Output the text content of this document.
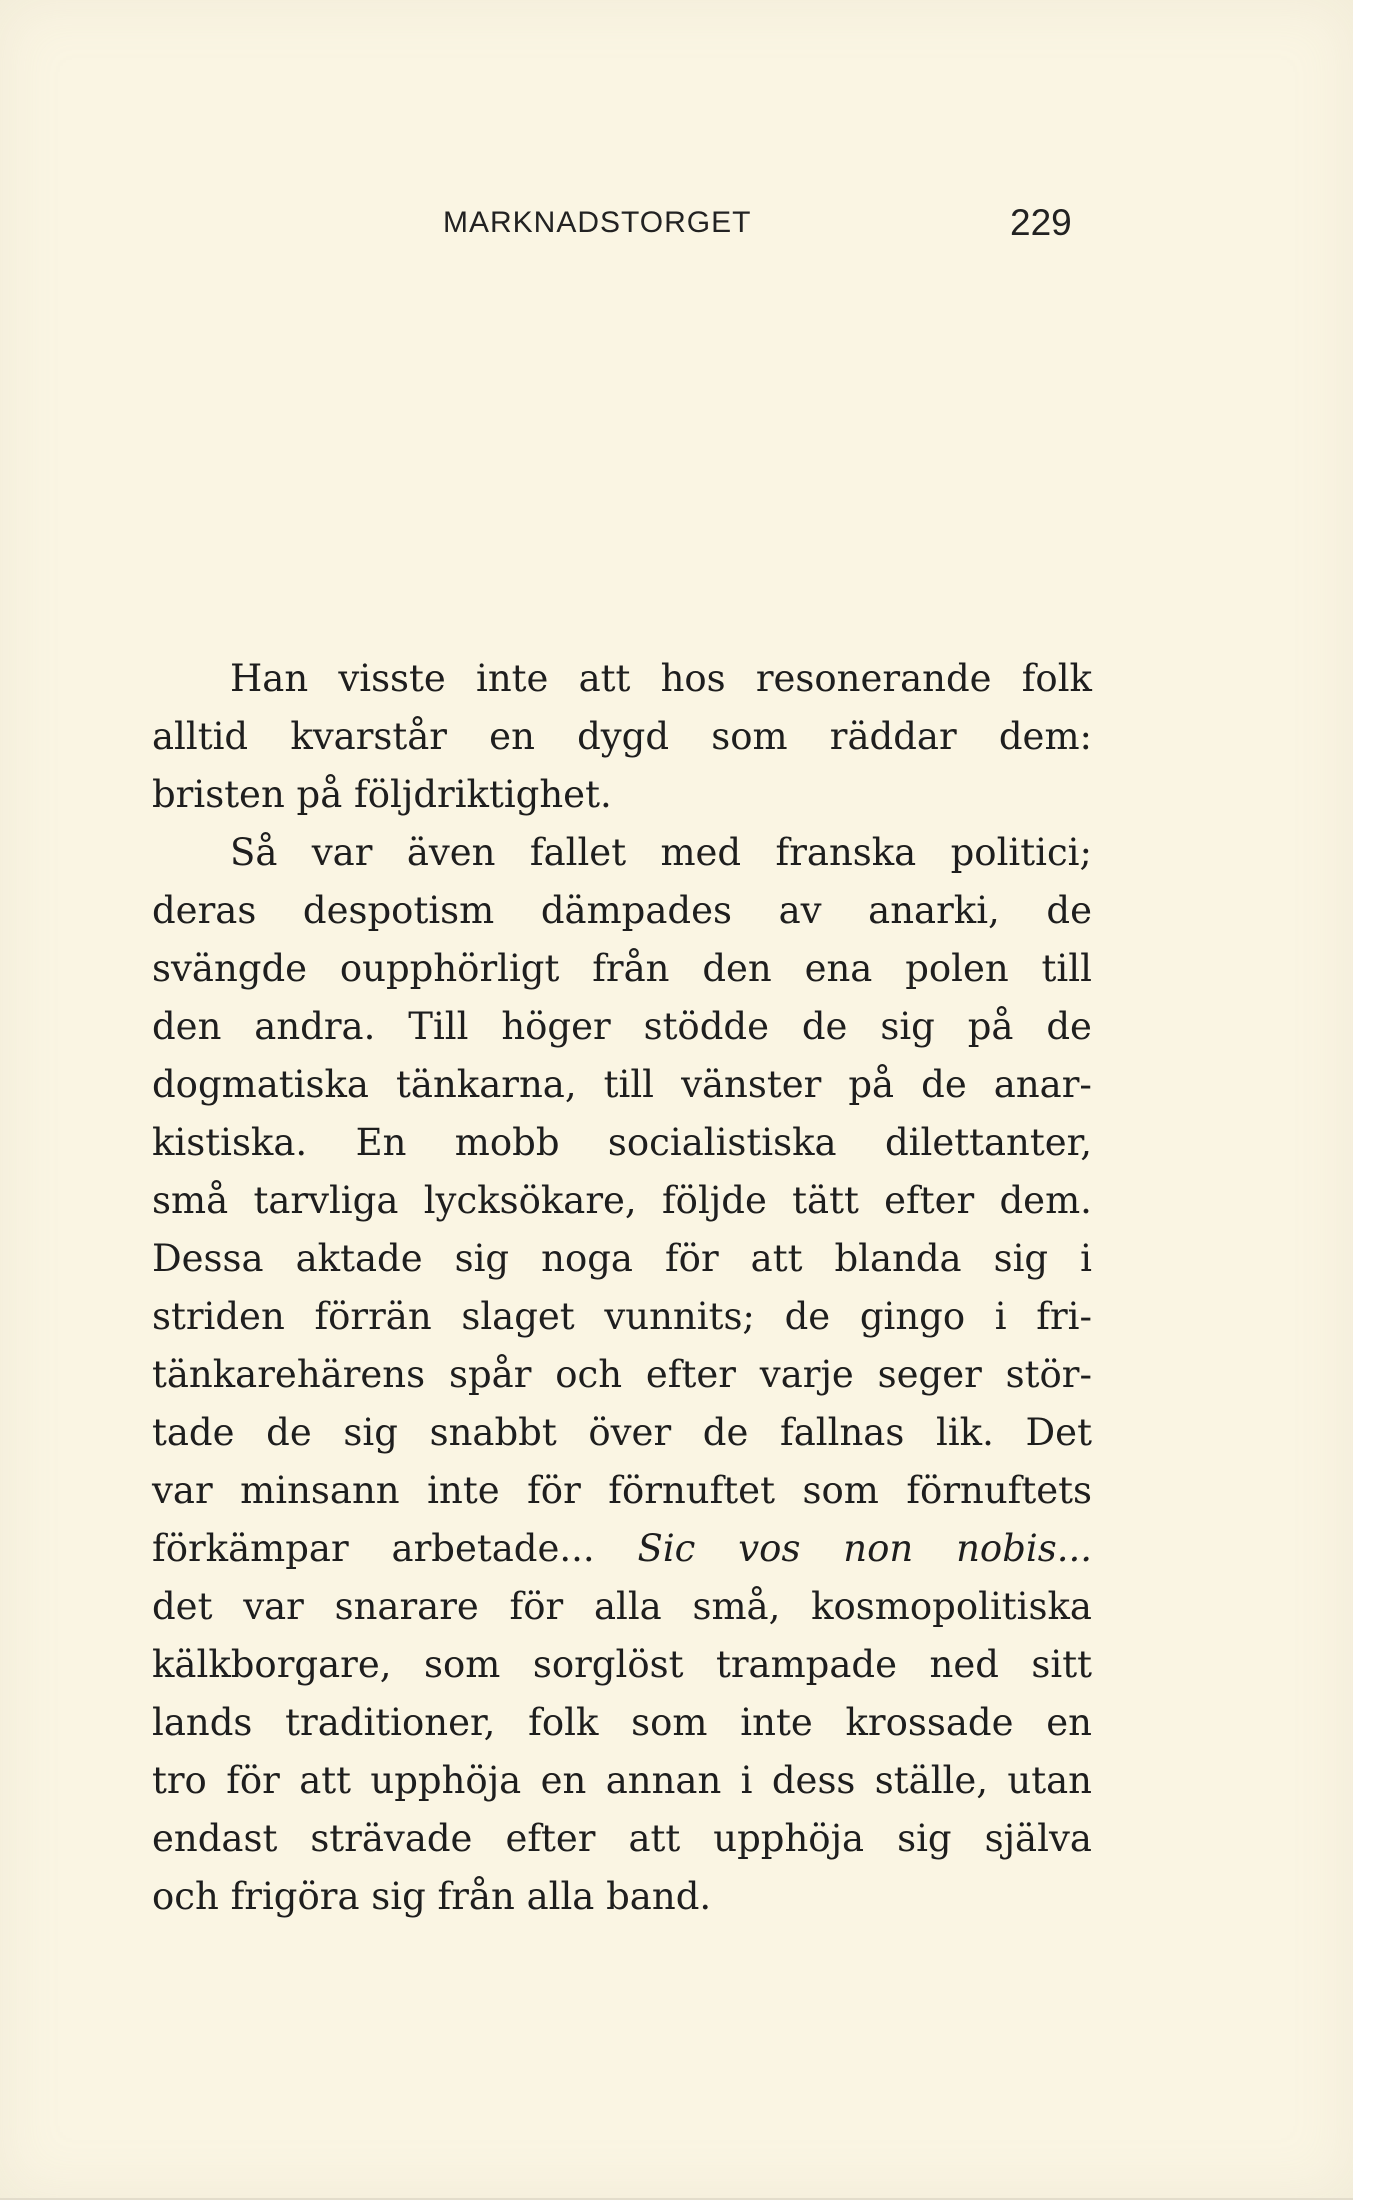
MARKNADSTORGET	229
Han visste inte att hos resonerande folk
alltid kvarstår en dygd som räddar dem:
bristen på följdriktighet.
Så var även fallet med franska politici;
deras despotism dämpades av anarki, de
svängde oupphörligt från den ena polen till
den andra. Till höger stödde de sig på de
dogmatiska tänkarna, till vänster på de anar-
kistiska. En mobb socialistiska dilettanter,
små tarvliga lycksökare, följde tätt efter dem.
Dessa aktade sig noga för att blanda sig i
striden förrän slaget vunnits; de gingo i fri-
tänkarehärens spår och efter varje seger stör-
tade de sig snabbt över de fallnas lik. Det
var minsann inte för förnuftet som förnuftets
förkämpar arbetade... Sic vos non nobis...
det var snarare för alla små, kosmopolitiska
kälkborgare, som sorglöst trampade ned sitt
lands traditioner, folk som inte krossade en
tro för att upphöja en annan i dess ställe, utan
endast strävade efter att upphöja sig själva
och frigöra sig från alla band.
